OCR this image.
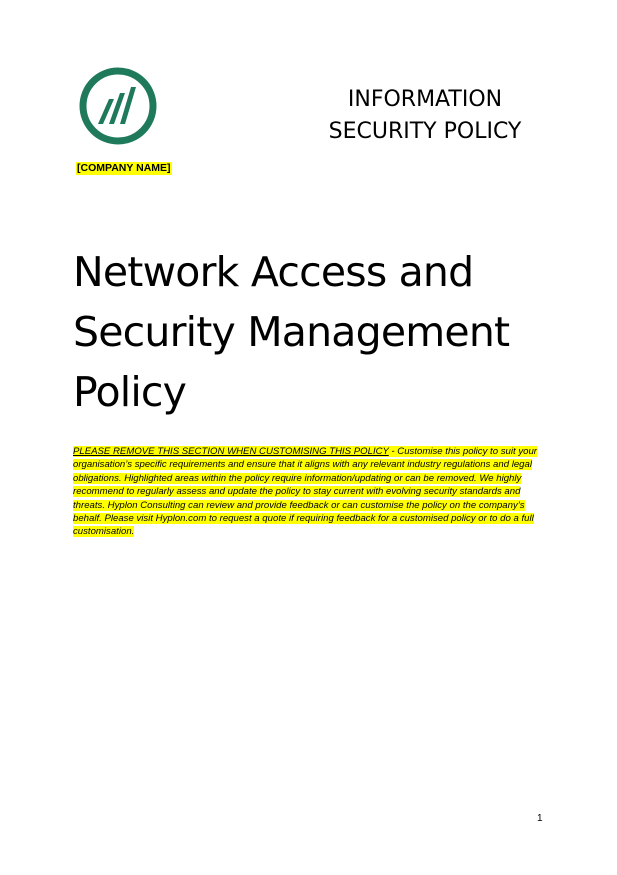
[COMPANY NAME]
INFORMATION
SECURITY POLICY
Network Access and
Security Management
Policy

PLEASE REMOVE THIS SECTION WHEN CUSTOMISING THIS POLICY - Customise this policy to suit your organisation’s specific requirements and ensure that it aligns with any relevant industry regulations and legal obligations. Highlighted areas within the policy require information/updating or can be removed. We highly recommend to regularly assess and update the policy to stay current with evolving security standards and threats. Hyplon Consulting can review and provide feedback or can customise the policy on the company’s behalf. Please visit Hyplon.com to request a quote if requiring feedback for a customised policy or to do a full customisation.

1
